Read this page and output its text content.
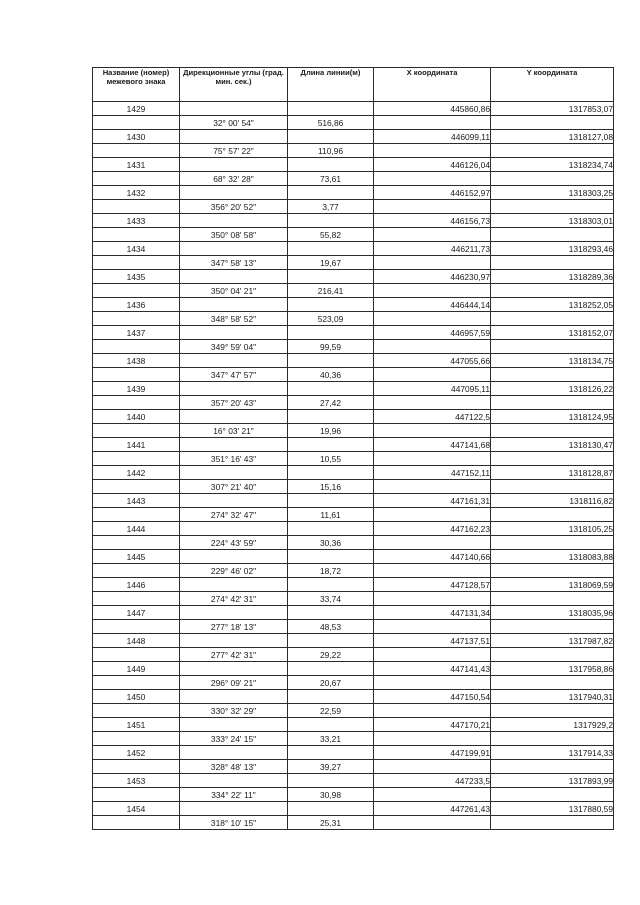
Название (номер) межевого знака	Дирекционные углы (град. мин. сек.)	Длина линии(м)	X координата	Y координата
1429			445860,86	1317853,07
	32° 00' 54"	516,86		
1430			446099,11	1318127,08
	75° 57' 22"	110,96		
1431			446126,04	1318234,74
	68° 32' 28"	73,61		
1432			446152,97	1318303,25
	356° 20' 52"	3,77		
1433			446156,73	1318303,01
	350° 08' 58"	55,82		
1434			446211,73	1318293,46
	347° 58' 13"	19,67		
1435			446230,97	1318289,36
	350° 04' 21"	216,41		
1436			446444,14	1318252,05
	348° 58' 52"	523,09		
1437			446957,59	1318152,07
	349° 59' 04"	99,59		
1438			447055,66	1318134,75
	347° 47' 57"	40,36		
1439			447095,11	1318126,22
	357° 20' 43"	27,42		
1440			447122,5	1318124,95
	16° 03' 21"	19,96		
1441			447141,68	1318130,47
	351° 16' 43"	10,55		
1442			447152,11	1318128,87
	307° 21' 40"	15,16		
1443			447161,31	1318116,82
	274° 32' 47"	11,61		
1444			447162,23	1318105,25
	224° 43' 59"	30,36		
1445			447140,66	1318083,88
	229° 46' 02"	18,72		
1446			447128,57	1318069,59
	274° 42' 31"	33,74		
1447			447131,34	1318035,96
	277° 18' 13"	48,53		
1448			447137,51	1317987,82
	277° 42' 31"	29,22		
1449			447141,43	1317958,86
	296° 09' 21"	20,67		
1450			447150,54	1317940,31
	330° 32' 29"	22,59		
1451			447170,21	1317929,2
	333° 24' 15"	33,21		
1452			447199,91	1317914,33
	328° 48' 13"	39,27		
1453			447233,5	1317893,99
	334° 22' 11"	30,98		
1454			447261,43	1317880,59
	318° 10' 15"	25,31		
